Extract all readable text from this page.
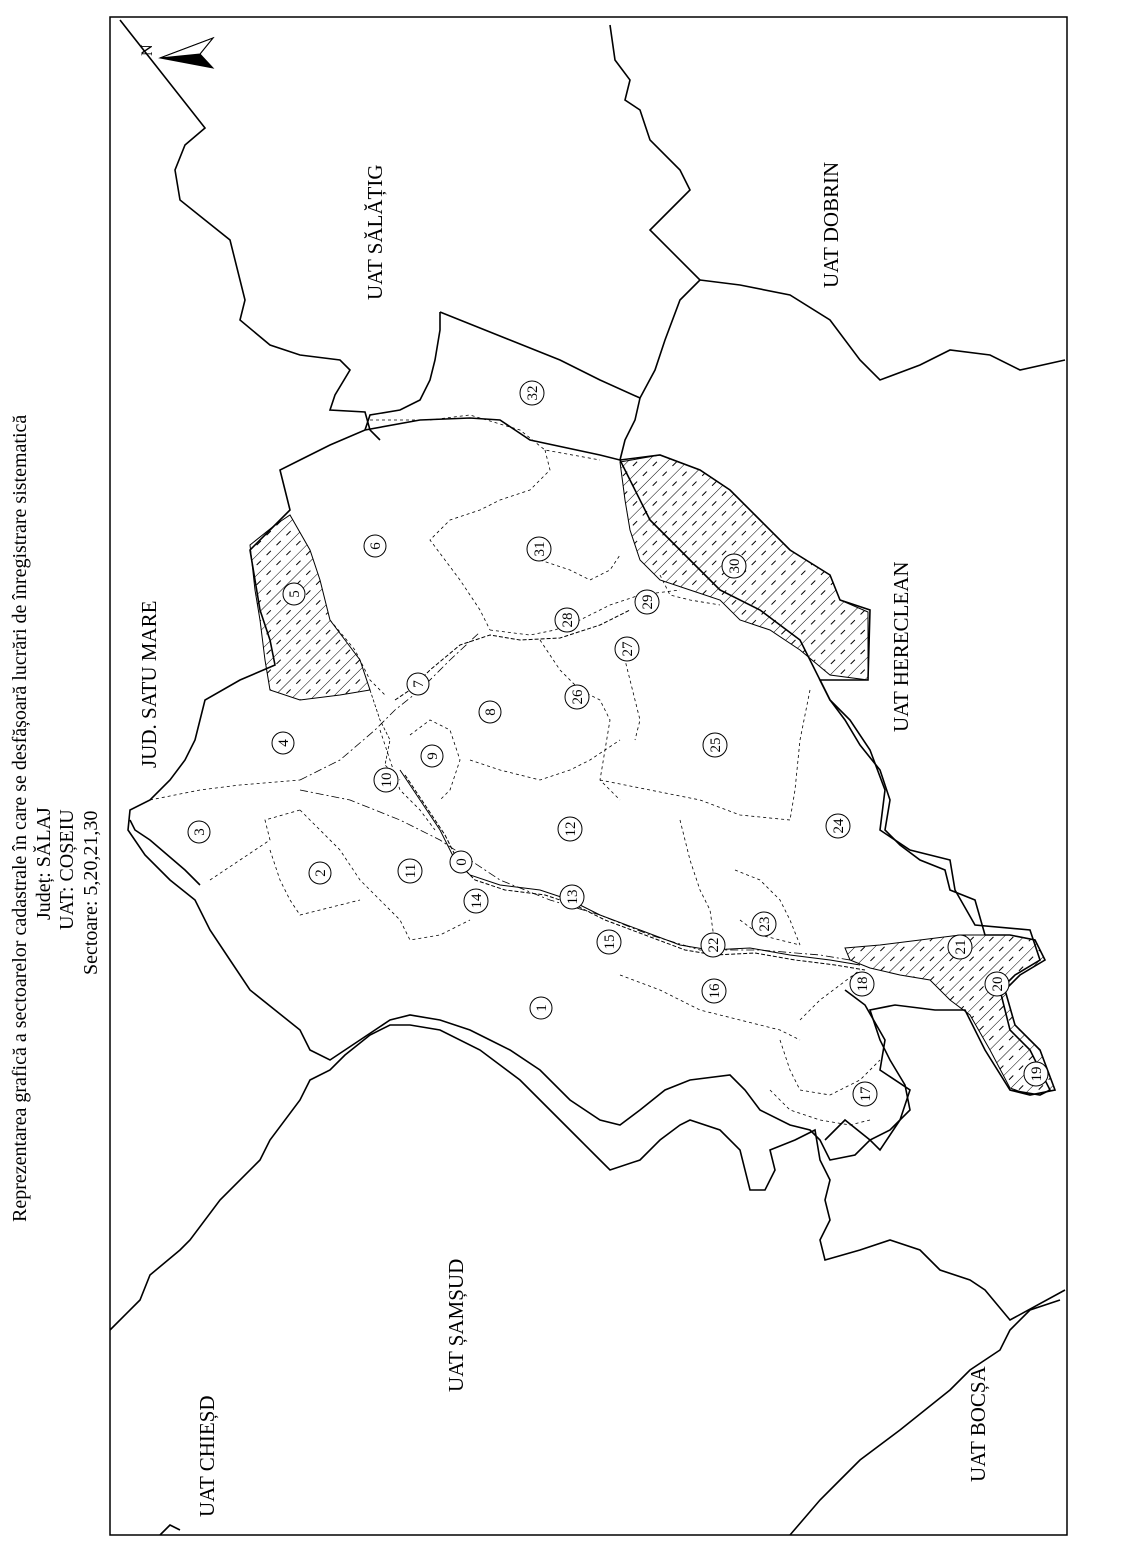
Reprezentarea grafică a sectoarelor cadastrale în care se desfășoară lucrări de înregistrare sistematică Județ: SĂLAJ UAT: COȘEIU Sectoare: 5,20,21,30
N
UAT SĂLĂȚIG	UAT DOBRIN
JUD. SATU MARE	UAT HERECLEAN
UAT ȘAMȘUD
UAT CHIEȘD	UAT BOCȘA
0
1
2
3
4
5
6
7
8
9
10
11
12
13
14
15
16
17
18
19
20
21
22
23
24
25
26
27
28
29
30
31
32
